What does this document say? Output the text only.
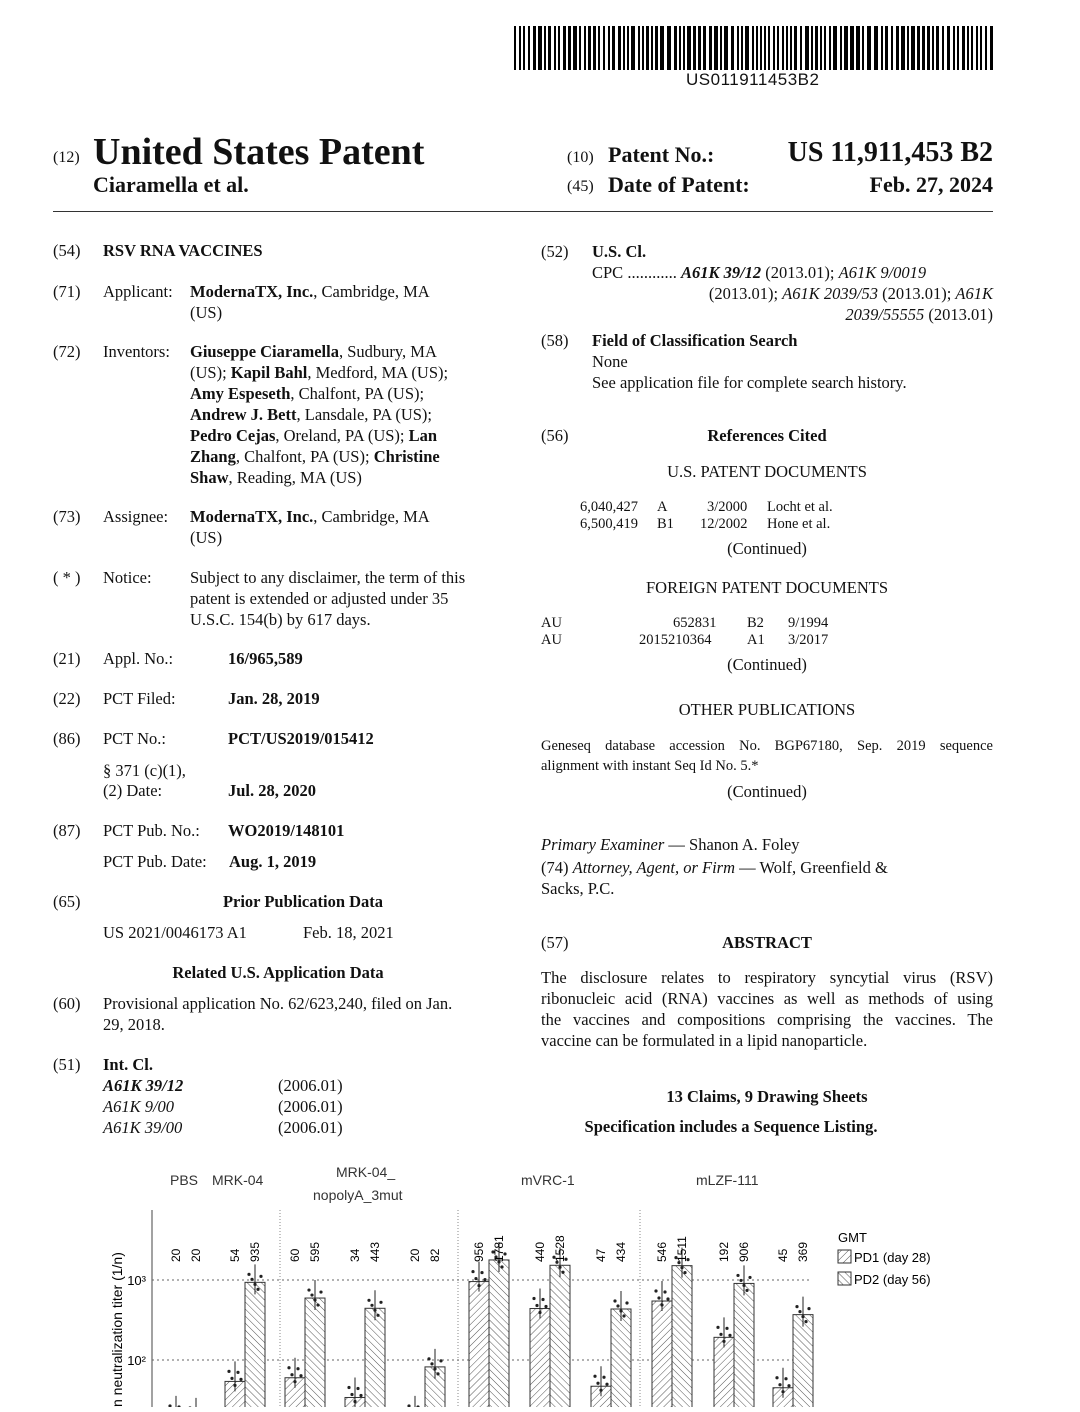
US011911453B2
(12) United States Patent
Ciaramella et al.
(10) Patent No.:	US 11,911,453 B2
(45) Date of Patent:	Feb. 27, 2024
(54) RSV RNA VACCINES
(71) Applicant: ModernaTX, Inc., Cambridge, MA
(US)
(72) Inventors: Giuseppe Ciaramella, Sudbury, MA
(US); Kapil Bahl, Medford, MA (US);
Amy Espeseth, Chalfont, PA (US);
Andrew J. Bett, Lansdale, PA (US);
Pedro Cejas, Oreland, PA (US); Lan
Zhang, Chalfont, PA (US); Christine
Shaw, Reading, MA (US)
(73) Assignee: ModernaTX, Inc., Cambridge, MA
(US)
( * ) Notice: Subject to any disclaimer, the term of this
patent is extended or adjusted under 35
U.S.C. 154(b) by 617 days.
(21) Appl. No.:	16/965,589
(22) PCT Filed:	Jan. 28, 2019
(86) PCT No.:	PCT/US2019/015412
§ 371 (c)(1),
(2) Date:	Jul. 28, 2020
(87) PCT Pub. No.: WO2019/148101
PCT Pub. Date: Aug. 1, 2019
(65)	Prior Publication Data
US 2021/0046173 A1	Feb. 18, 2021
Related U.S. Application Data
(60) Provisional application No. 62/623,240, filed on Jan.
29, 2018.
(51) Int. Cl.
A61K 39/12	(2006.01)
A61K 9/00	(2006.01)
A61K 39/00	(2006.01)
(52) U.S. Cl.
CPC ............ A61K 39/12 (2013.01); A61K 9/0019
(2013.01); A61K 2039/53 (2013.01); A61K
2039/55555 (2013.01)
(58) Field of Classification Search
None
See application file for complete search history.
(56)	References Cited
U.S. PATENT DOCUMENTS
6,040,427 A	3/2000 Locht et al.
6,500,419 B1 12/2002 Hone et al.
(Continued)
FOREIGN PATENT DOCUMENTS
AU	652831 B2 9/1994
AU	2015210364 A1 3/2017
(Continued)
OTHER PUBLICATIONS
Geneseq database accession No. BGP67180, Sep. 2019 sequence
alignment with instant Seq Id No. 5.*
(Continued)
Primary Examiner — Shanon A. Foley
(74) Attorney, Agent, or Firm — Wolf, Greenfield &
Sacks, P.C.
(57)	ABSTRACT
The disclosure relates to respiratory syncytial virus (RSV)
ribonucleic acid (RNA) vaccines as well as methods of using
the vaccines and compositions comprising the vaccines. The
vaccine can be formulated in a lipid nanoparticle.
13 Claims, 9 Drawing Sheets
Specification includes a Sequence Listing.
10³
10²
n neutralization titer (1/n)
PBS MRK-04	MRK-04_
nopolyA_3mut
mVRC-1	mLZF-111
20 20 54 935 60 595 34 443 20 82	956 1781 440 1528 47 434 546 1511 192 906 45 369
GMT
PD1 (day 28)
PD2 (day 56)
